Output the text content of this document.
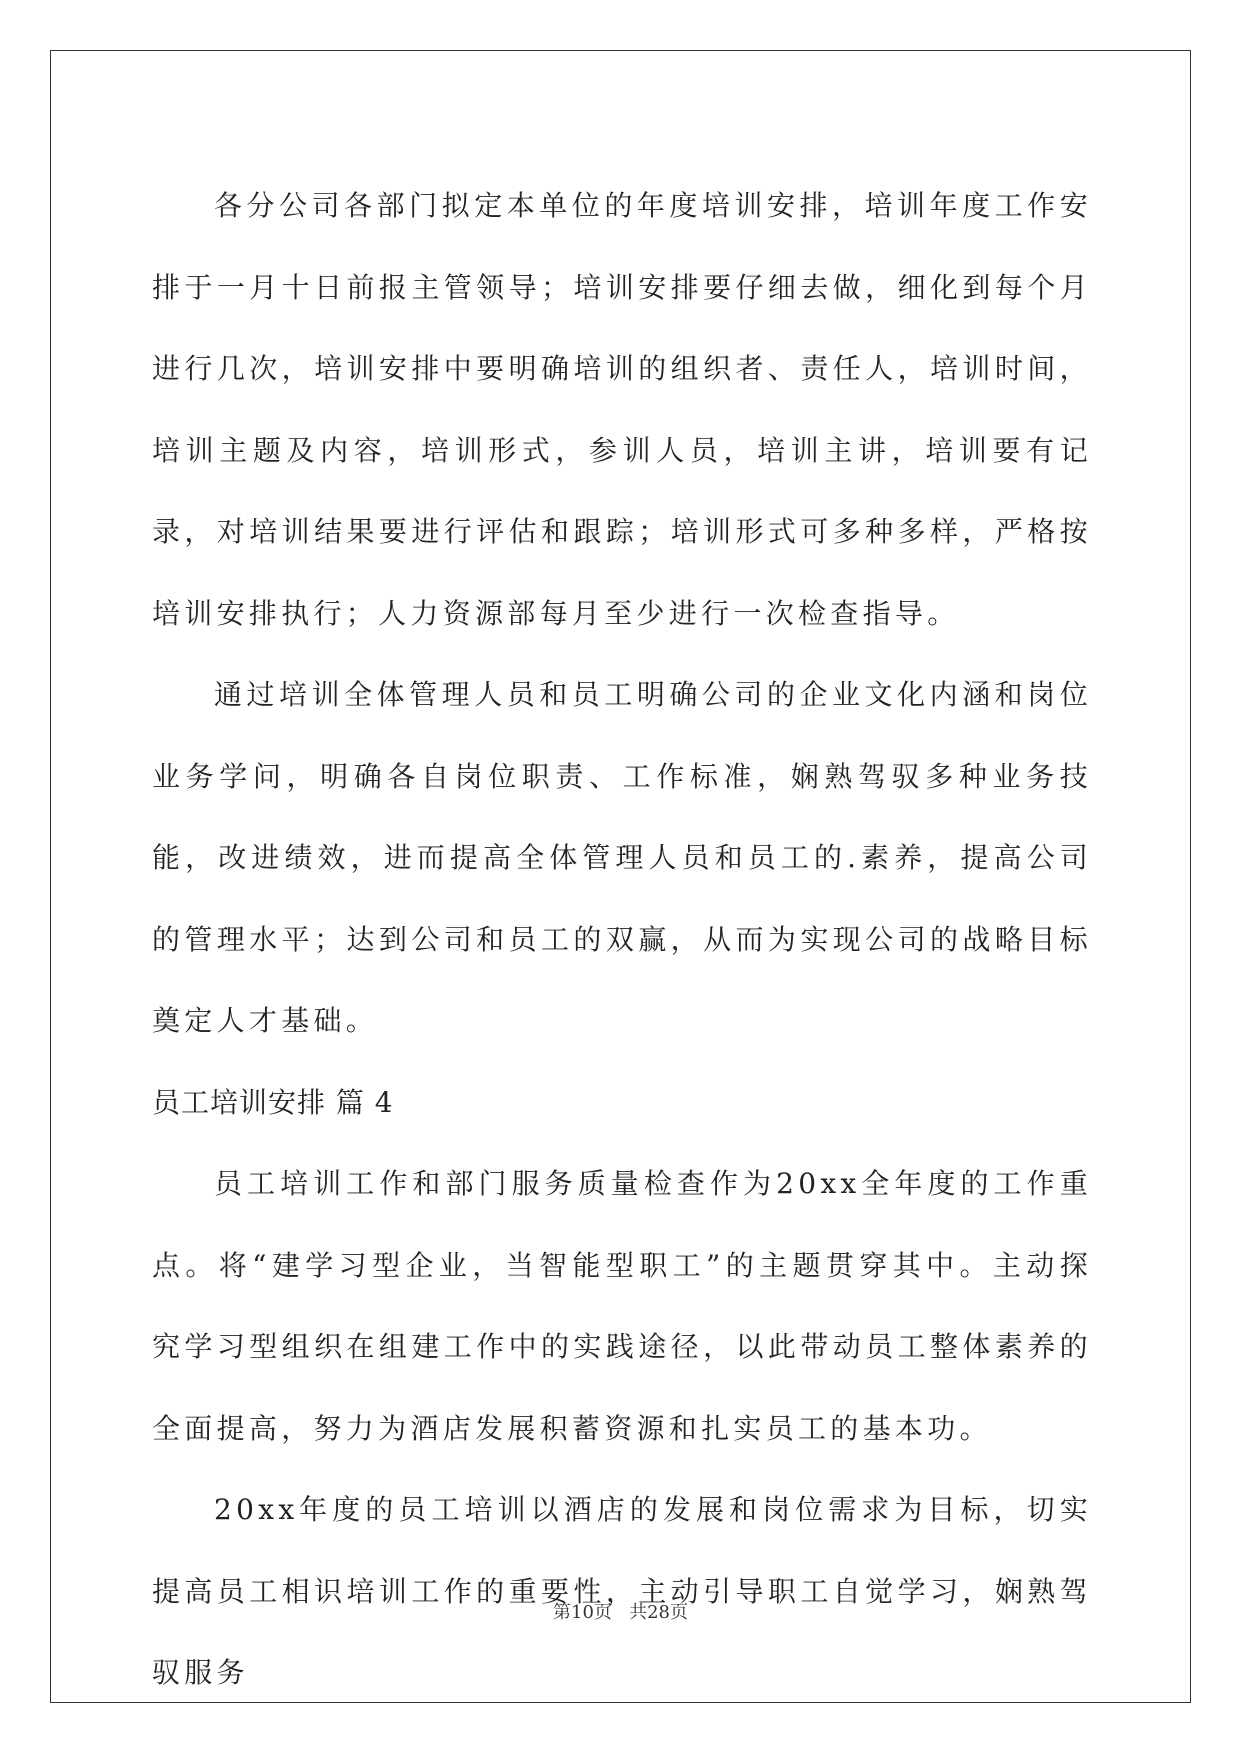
各分公司各部门拟定本单位的年度培训安排，培训年度工作安排于一月十日前报主管领导；培训安排要仔细去做，细化到每个月进行几次，培训安排中要明确培训的组织者、责任人，培训时间，培训主题及内容，培训形式，参训人员，培训主讲，培训要有记录，对培训结果要进行评估和跟踪；培训形式可多种多样，严格按培训安排执行；人力资源部每月至少进行一次检查指导。

通过培训全体管理人员和员工明确公司的企业文化内涵和岗位业务学问，明确各自岗位职责、工作标准，娴熟驾驭多种业务技能，改进绩效，进而提高全体管理人员和员工的.素养，提高公司的管理水平；达到公司和员工的双赢，从而为实现公司的战略目标奠定人才基础。

员工培训安排 篇 4

员工培训工作和部门服务质量检查作为20xx全年度的工作重点。将“建学习型企业，当智能型职工”的主题贯穿其中。主动探究学习型组织在组建工作中的实践途径，以此带动员工整体素养的全面提高，努力为酒店发展积蓄资源和扎实员工的基本功。

20xx年度的员工培训以酒店的发展和岗位需求为目标，切实提高员工相识培训工作的重要性，主动引导职工自觉学习，娴熟驾驭服务

第10页   共28页
